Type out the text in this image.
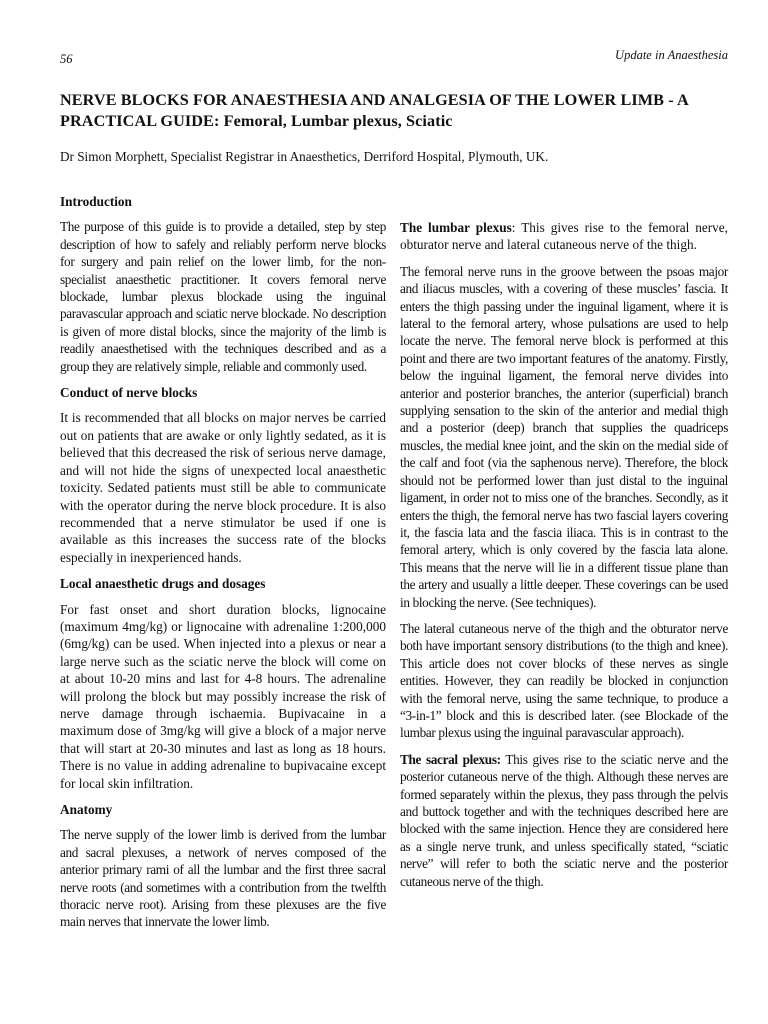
56	Update in Anaesthesia
NERVE BLOCKS FOR ANAESTHESIA AND ANALGESIA OF THE LOWER LIMB - A PRACTICAL GUIDE: Femoral, Lumbar plexus, Sciatic

Dr Simon Morphett, Specialist Registrar in Anaesthetics, Derriford Hospital, Plymouth, UK.

Introduction

The purpose of this guide is to provide a detailed, step by step description of how to safely and reliably perform nerve blocks for surgery and pain relief on the lower limb, for the non-specialist anaesthetic practitioner. It covers femoral nerve blockade, lumbar plexus blockade using the inguinal paravascular approach and sciatic nerve blockade. No description is given of more distal blocks, since the majority of the limb is readily anaesthetised with the techniques described and as a group they are relatively simple, reliable and commonly used.

Conduct of nerve blocks

It is recommended that all blocks on major nerves be carried out on patients that are awake or only lightly sedated, as it is believed that this decreased the risk of serious nerve damage, and will not hide the signs of unexpected local anaesthetic toxicity. Sedated patients must still be able to communicate with the operator during the nerve block procedure. It is also recommended that a nerve stimulator be used if one is available as this increases the success rate of the blocks especially in inexperienced hands.

Local anaesthetic drugs and dosages

For fast onset and short duration blocks, lignocaine (maximum 4mg/kg) or lignocaine with adrenaline 1:200,000 (6mg/kg) can be used. When injected into a plexus or near a large nerve such as the sciatic nerve the block will come on at about 10-20 mins and last for 4-8 hours. The adrenaline will prolong the block but may possibly increase the risk of nerve damage through ischaemia. Bupivacaine in a maximum dose of 3mg/kg will give a block of a major nerve that will start at 20-30 minutes and last as long as 18 hours. There is no value in adding adrenaline to bupivacaine except for local skin infiltration.

Anatomy

The nerve supply of the lower limb is derived from the lumbar and sacral plexuses, a network of nerves composed of the anterior primary rami of all the lumbar and the first three sacral nerve roots (and sometimes with a contribution from the twelfth thoracic nerve root). Arising from these plexuses are the five main nerves that innervate the lower limb.

The lumbar plexus: This gives rise to the femoral nerve, obturator nerve and lateral cutaneous nerve of the thigh.

The femoral nerve runs in the groove between the psoas major and iliacus muscles, with a covering of these muscles’ fascia. It enters the thigh passing under the inguinal ligament, where it is lateral to the femoral artery, whose pulsations are used to help locate the nerve. The femoral nerve block is performed at this point and there are two important features of the anatomy. Firstly, below the inguinal ligament, the femoral nerve divides into anterior and posterior branches, the anterior (superficial) branch supplying sensation to the skin of the anterior and medial thigh and a posterior (deep) branch that supplies the quadriceps muscles, the medial knee joint, and the skin on the medial side of the calf and foot (via the saphenous nerve). Therefore, the block should not be performed lower than just distal to the inguinal ligament, in order not to miss one of the branches. Secondly, as it enters the thigh, the femoral nerve has two fascial layers covering it, the fascia lata and the fascia iliaca. This is in contrast to the femoral artery, which is only covered by the fascia lata alone. This means that the nerve will lie in a different tissue plane than the artery and usually a little deeper. These coverings can be used in blocking the nerve. (See techniques).

The lateral cutaneous nerve of the thigh and the obturator nerve both have important sensory distributions (to the thigh and knee). This article does not cover blocks of these nerves as single entities. However, they can readily be blocked in conjunction with the femoral nerve, using the same technique, to produce a “3-in-1” block and this is described later. (see Blockade of the lumbar plexus using the inguinal paravascular approach).

The sacral plexus: This gives rise to the sciatic nerve and the posterior cutaneous nerve of the thigh. Although these nerves are formed separately within the plexus, they pass through the pelvis and buttock together and with the techniques described here are blocked with the same injection. Hence they are considered here as a single nerve trunk, and unless specifically stated, “sciatic nerve” will refer to both the sciatic nerve and the posterior cutaneous nerve of the thigh.
